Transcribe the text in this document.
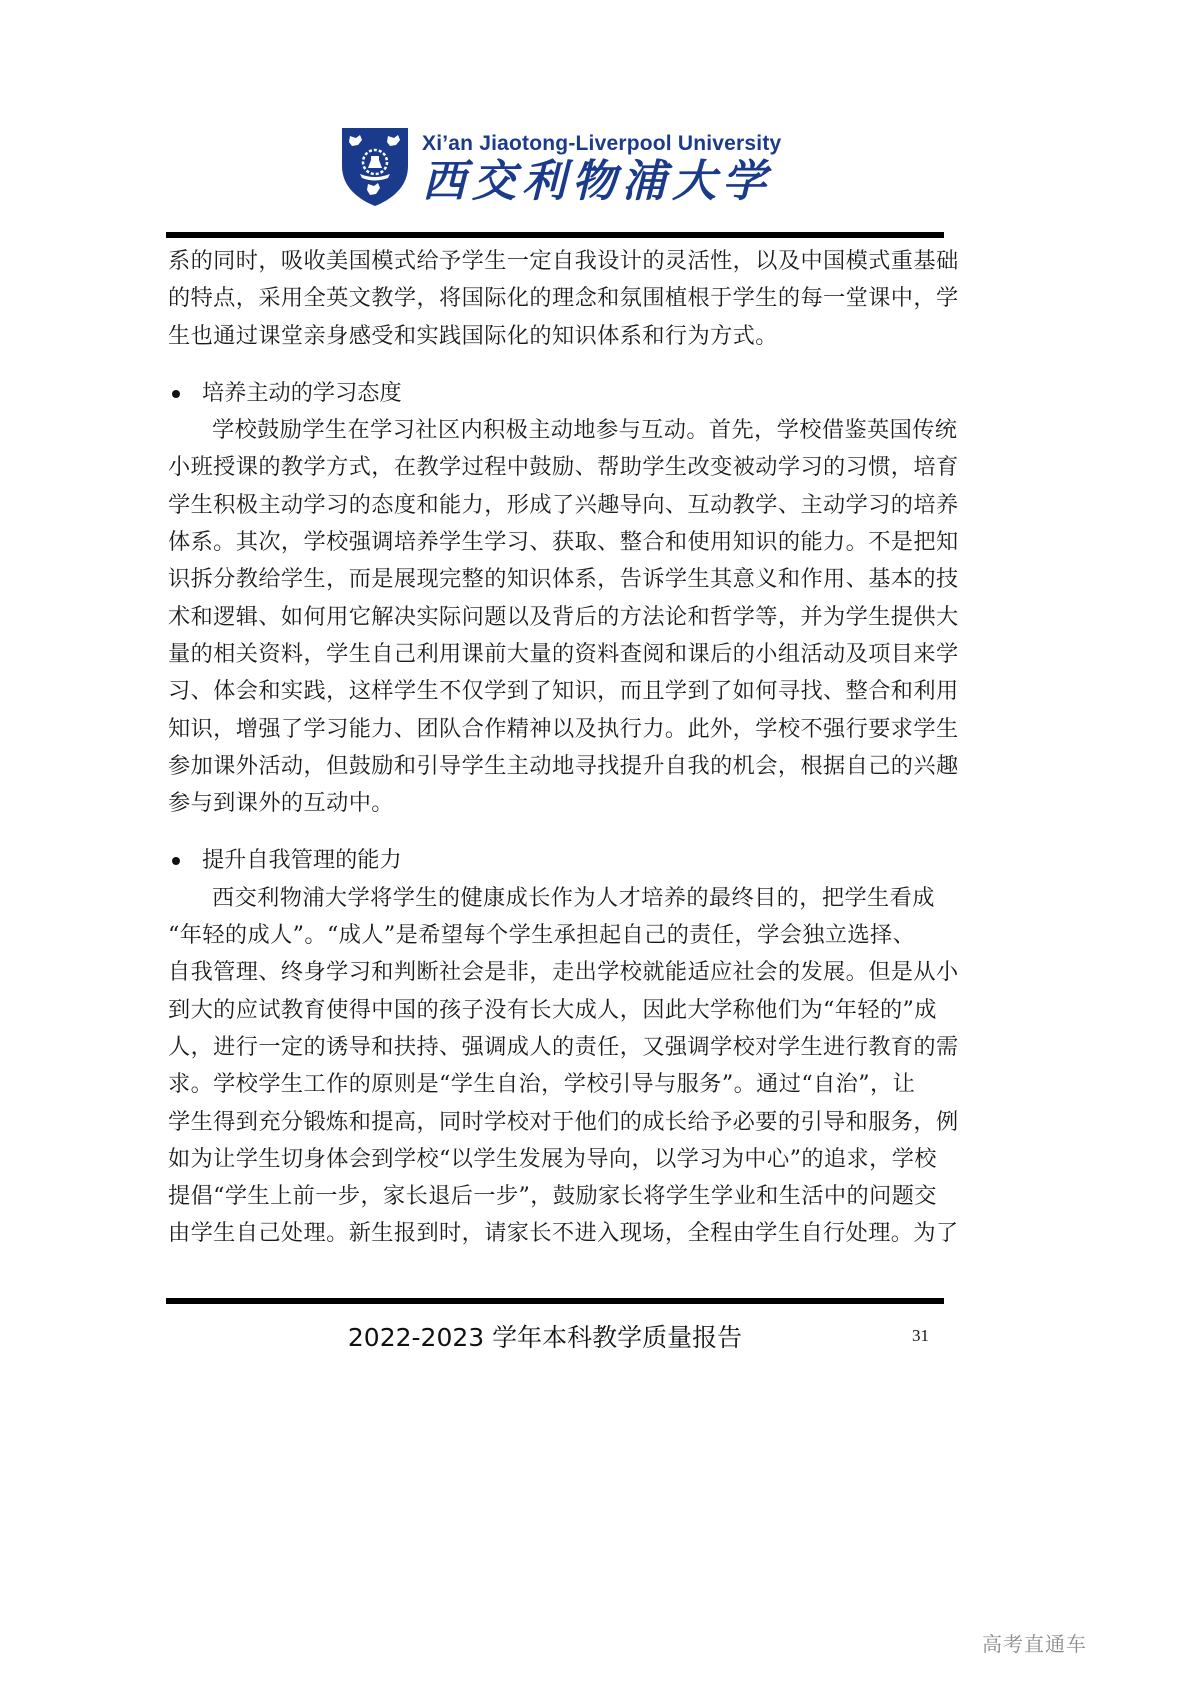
Xi’an Jiaotong-Liverpool University
西交利物浦大学
系的同时，吸收美国模式给予学生一定自我设计的灵活性，以及中国模式重基础
的特点，采用全英文教学，将国际化的理念和氛围植根于学生的每一堂课中，学
生也通过课堂亲身感受和实践国际化的知识体系和行为方式。
培养主动的学习态度
学校鼓励学生在学习社区内积极主动地参与互动。首先，学校借鉴英国传统
小班授课的教学方式，在教学过程中鼓励、帮助学生改变被动学习的习惯，培育
学生积极主动学习的态度和能力，形成了兴趣导向、互动教学、主动学习的培养
体系。其次，学校强调培养学生学习、获取、整合和使用知识的能力。不是把知
识拆分教给学生，而是展现完整的知识体系，告诉学生其意义和作用、基本的技
术和逻辑、如何用它解决实际问题以及背后的方法论和哲学等，并为学生提供大
量的相关资料，学生自己利用课前大量的资料查阅和课后的小组活动及项目来学
习、体会和实践，这样学生不仅学到了知识，而且学到了如何寻找、整合和利用
知识，增强了学习能力、团队合作精神以及执行力。此外，学校不强行要求学生
参加课外活动，但鼓励和引导学生主动地寻找提升自我的机会，根据自己的兴趣
参与到课外的互动中。
提升自我管理的能力
西交利物浦大学将学生的健康成长作为人才培养的最终目的，把学生看成
“年轻的成人”。“成人”是希望每个学生承担起自己的责任，学会独立选择、
自我管理、终身学习和判断社会是非，走出学校就能适应社会的发展。但是从小
到大的应试教育使得中国的孩子没有长大成人，因此大学称他们为“年轻的”成
人，进行一定的诱导和扶持、强调成人的责任，又强调学校对学生进行教育的需
求。学校学生工作的原则是“学生自治，学校引导与服务”。通过“自治”，让
学生得到充分锻炼和提高，同时学校对于他们的成长给予必要的引导和服务，例
如为让学生切身体会到学校“以学生发展为导向，以学习为中心”的追求，学校
提倡“学生上前一步，家长退后一步”，鼓励家长将学生学业和生活中的问题交
由学生自己处理。新生报到时，请家长不进入现场，全程由学生自行处理。为了
2022-2023 学年本科教学质量报告	31
高考直通车
